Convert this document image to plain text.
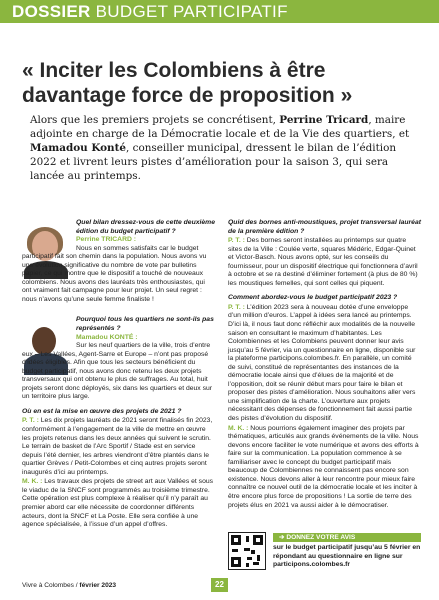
DOSSIER BUDGET PARTICIPATIF
« Inciter les Colombiens à être davantage force de proposition »

Alors que les premiers projets se concrétisent, Perrine Tricard, maire adjointe en charge de la Démocratie locale et de la Vie des quartiers, et Mamadou Konté, conseiller municipal, dressent le bilan de l’édition 2022 et livrent leurs pistes d’amélioration pour la saison 3, qui sera lancée au printemps.

Quel bilan dressez-vous de cette deuxième édition du budget participatif ?
Perrine TRICARD :
Nous en sommes satisfaits car le budget participatif fait son chemin dans la population. Nous avons vu une évolution significative du nombre de vote par bulletins papier, ce qui montre que le dispositif a touché de nouveaux colombiens. Nous avons des lauréats très enthousiastes, qui ont vraiment fait campagne pour leur projet. Un seul regret : nous n’avons qu’une seule femme finaliste !
Pourquoi tous les quartiers ne sont-ils pas représentés ?
Mamadou KONTÉ :
Sur les neuf quartiers de la ville, trois d’entre eux – Les Vallées, Agent-Sarre et Europe – n’ont pas proposé d’idées éligibles. Afin que tous les secteurs bénéficient du budget participatif, nous avons donc retenu les deux projets transversaux qui ont obtenu le plus de suffrages. Au total, huit projets seront donc déployés, six dans les quartiers et deux sur un territoire plus large.
Où en est la mise en œuvre des projets de 2021 ?
P. T. : Les dix projets lauréats de 2021 seront finalisés fin 2023, conformément à l’engagement de la ville de mettre en œuvre les projets retenus dans les deux années qui suivent le scrutin. Le terrain de basket de l’Arc Sportif / Stade est en service depuis l’été dernier, les arbres viendront d’être plantés dans le quartier Grèves / Petit-Colombes et cinq autres projets seront inaugurés d’ici au printemps.
M. K. : Les travaux des projets de street art aux Vallées et sous le viaduc de la SNCF sont programmés au troisième trimestre. Cette opération est plus complexe à réaliser qu’il n’y paraît au premier abord car elle nécessite de coordonner différents acteurs, dont la SNCF et La Poste. Elle sera confiée à une agence spécialisée, à l’issue d’un appel d’offres.
Quid des bornes anti-moustiques, projet transversal lauréat de la première édition ?
P. T. : Des bornes seront installées au printemps sur quatre sites de la Ville : Coulée verte, squares Médéric, Edgar-Quinet et Victor-Basch. Nous avons opté, sur les conseils du fournisseur, pour un dispositif électrique qui fonctionnera d’avril à octobre et se ra destiné d’éliminer fortement (à plus de 80 %) les moustiques femelles, qui sont celles qui piquent.
Comment abordez-vous le budget participatif 2023 ?
P. T. : L’édition 2023 sera à nouveau dotée d’une enveloppe d’un million d’euros. L’appel à idées sera lancé au printemps. D’ici là, il nous faut donc réfléchir aux modalités de la nouvelle saison en consultant le maximum d’habitantes. Les Colombiennes et les Colombiens peuvent donner leur avis jusqu’au 5 février, via un questionnaire en ligne, disponible sur la plateforme participons.colombes.fr. En parallèle, un comité de suivi, constitué de représentantes des instances de la démocratie locale ainsi que d’élues de la majorité et de l’opposition, doit se réunir début mars pour faire le bilan et proposer des pistes d’amélioration. Nous souhaitons aller vers une simplification de la charte. L’ouverture aux projets nécessitant des dépenses de fonctionnement fait aussi partie des pistes d’évolution du dispositif.
M. K. : Nous pourrions également imaginer des projets par thématiques, articulés aux grands événements de la ville. Nous devons encore faciliter le vote numérique et avons des efforts à faire sur la communication. La population commence à se familiariser avec le concept du budget participatif mais beaucoup de Colombiennes ne connaissent pas encore son existence. Nous devons aller à leur rencontre pour mieux faire connaître ce nouvel outil de la démocratie locale et les inciter à être encore plus force de propositions ! La sortie de terre des projets élus en 2021 va aussi aider à le démocratiser.
➔ DONNEZ VOTRE AVIS
sur le budget participatif jusqu’au 5 février en répondant au questionnaire en ligne sur participons.colombes.fr
Vivre à Colombes / février 2023	22
